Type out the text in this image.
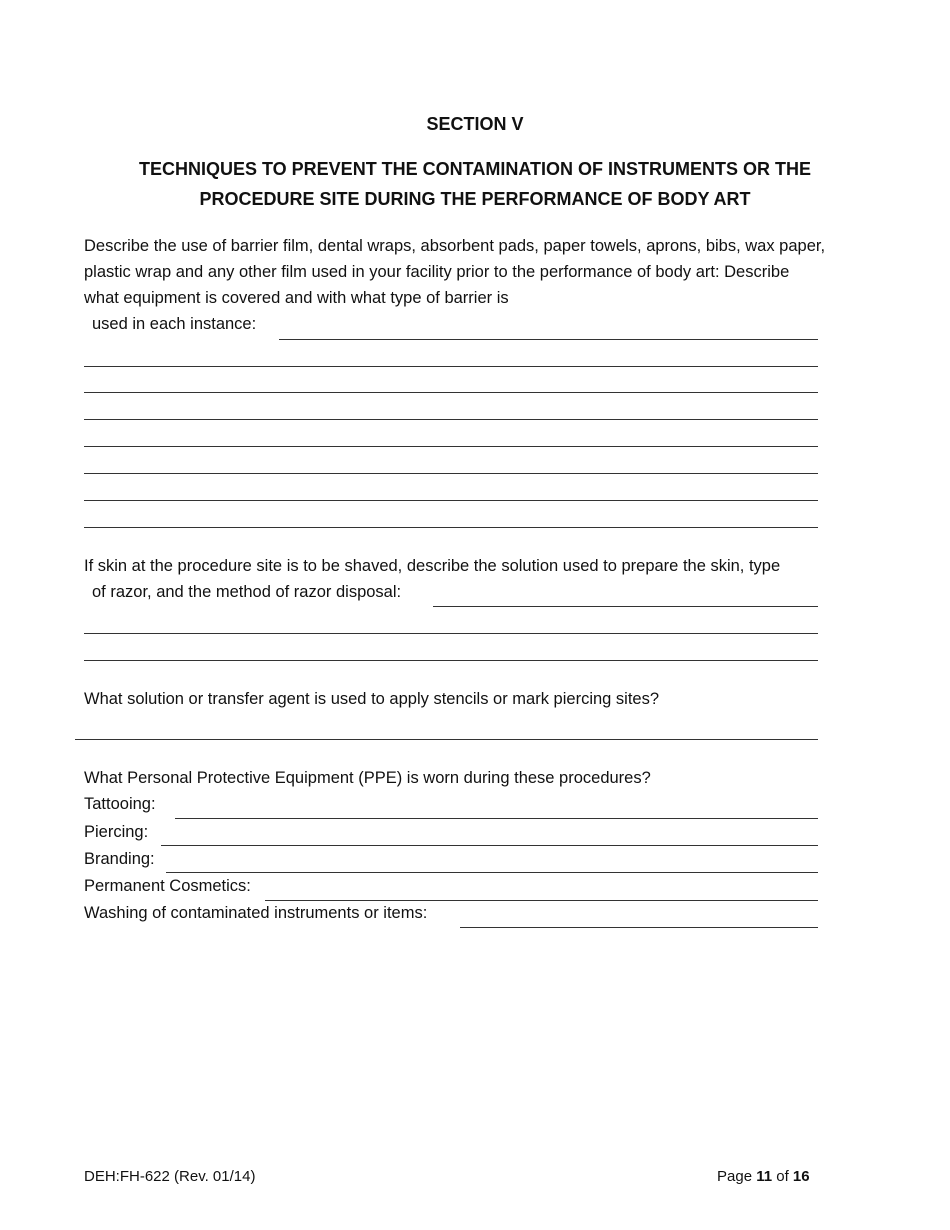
SECTION V
TECHNIQUES TO PREVENT THE CONTAMINATION OF INSTRUMENTS OR THE
PROCEDURE SITE DURING THE PERFORMANCE OF BODY ART
Describe the use of barrier film, dental wraps, absorbent pads, paper towels, aprons, bibs, wax paper,
plastic wrap and any other film used in your facility prior to the performance of body art: Describe
what equipment is covered and with what type of barrier is
used in each instance:
If skin at the procedure site is to be shaved, describe the solution used to prepare the skin, type
of razor, and the method of razor disposal:
What solution or transfer agent is used to apply stencils or mark piercing sites?
What Personal Protective Equipment (PPE) is worn during these procedures?
Tattooing:
Piercing:
Branding:
Permanent Cosmetics:
Washing of contaminated instruments or items:
DEH:FH-622 (Rev. 01/14)	Page 11 of 16
